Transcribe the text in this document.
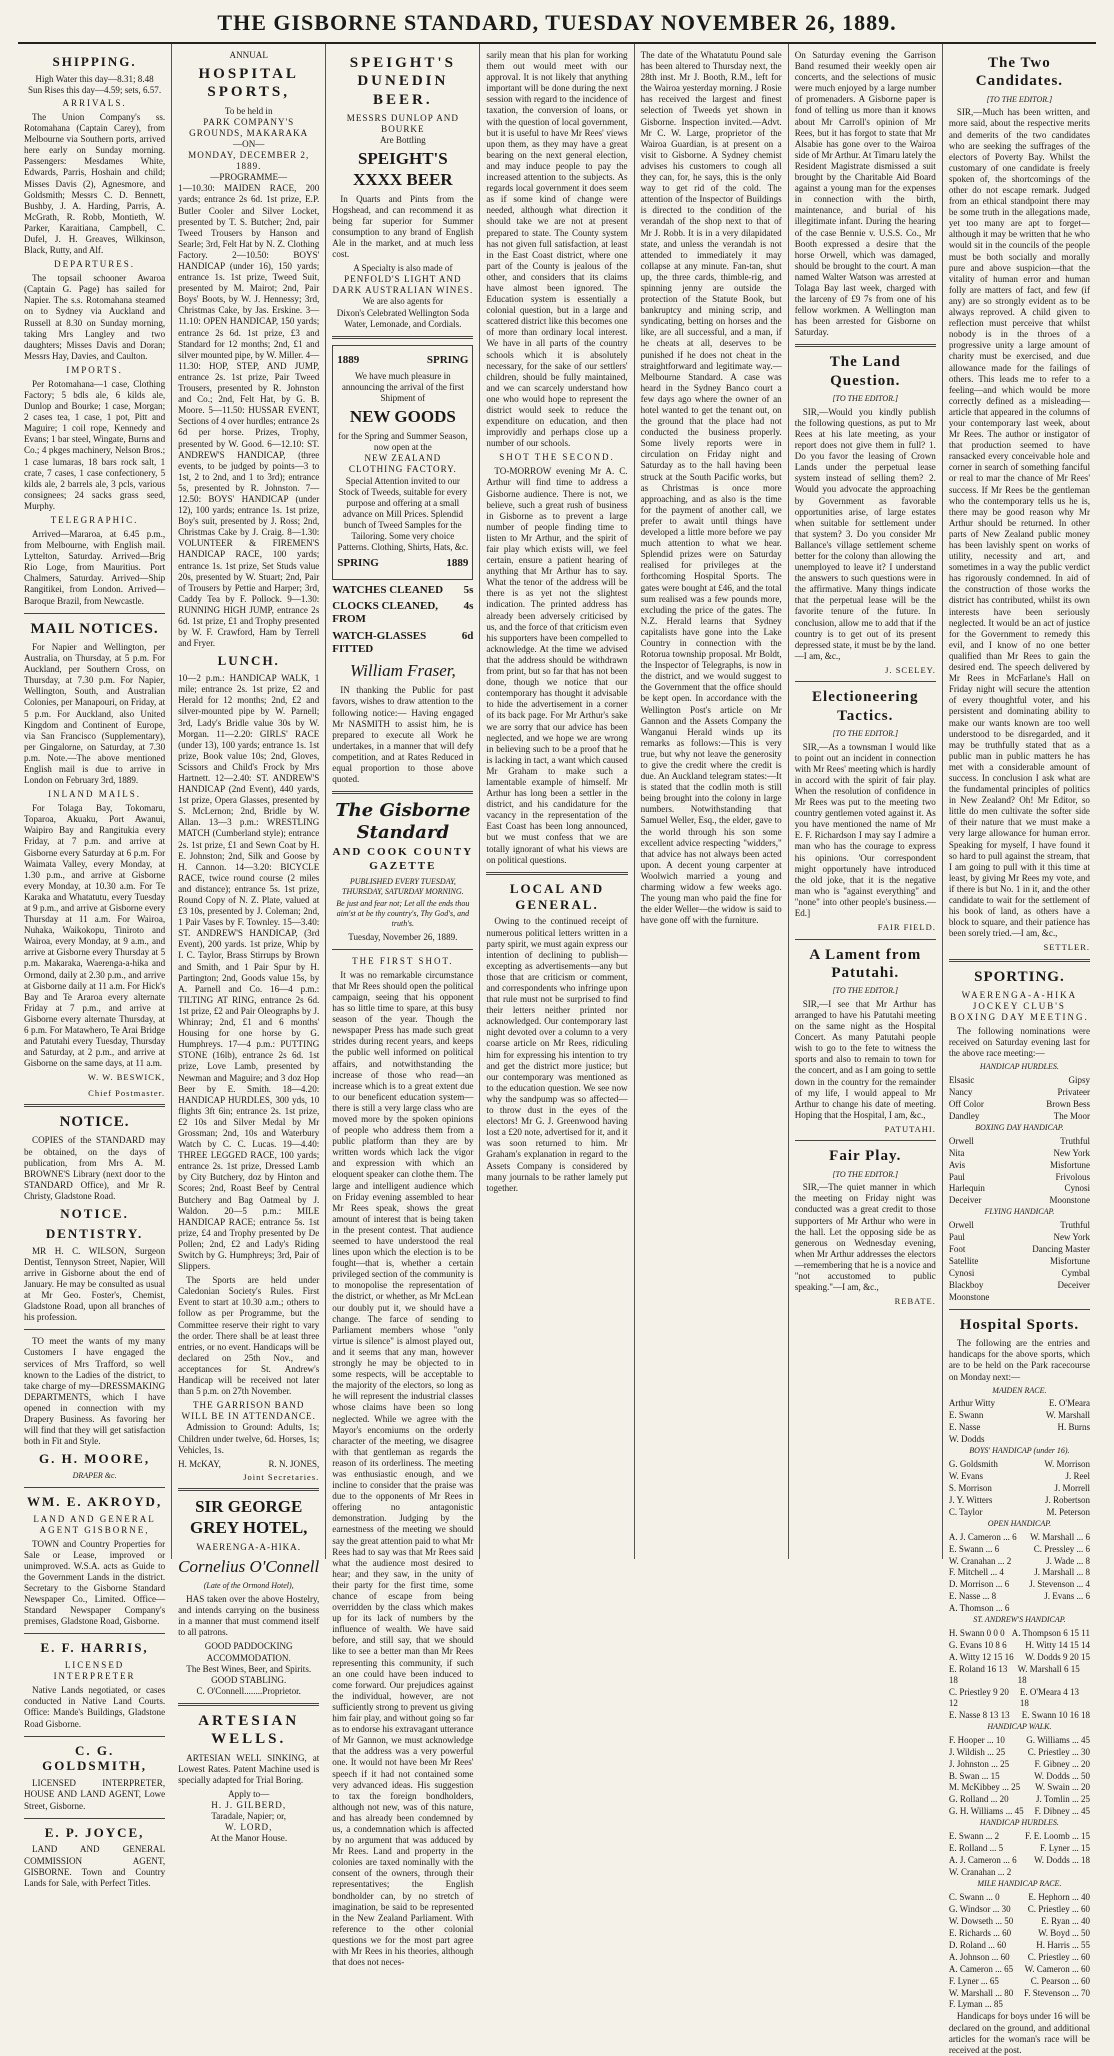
THE GISBORNE STANDARD, TUESDAY NOVEMBER 26, 1889.
SHIPPING.
High Water this day—8.31; 8.48
Sun Rises this day—4.59; sets, 6.57.
ARRIVALS.

The Union Company's ss. Rotomahana (Captain Carey), from Melbourne via Southern ports, arrived here early on Sunday morning. Passengers: Mesdames White, Edwards, Parris, Hoshain and child; Misses Davis (2), Agnesmore, and Goldsmith; Messrs C. D. Bennett, Bushby, J. A. Harding, Parris, A. McGrath, R. Robb, Montieth, W. Parker, Karaitiana, Campbell, C. Dufel, J. H. Greaves, Wilkinson, Black, Rutty, and Alf.

DEPARTURES.

The topsail schooner Awaroa (Captain G. Page) has sailed for Napier. The s.s. Rotomahana steamed on to Sydney via Auckland and Russell at 8.30 on Sunday morning, taking Mrs Langley and two daughters; Misses Davis and Doran; Messrs Hay, Davies, and Caulton.

IMPORTS.

Per Rotomahana—1 case, Clothing Factory; 5 bdls ale, 6 kilds ale, Dunlop and Bourke; 1 case, Morgan; 2 cases tea, 1 case, 1 pot, Pitt and Maguire; 1 coil rope, Kennedy and Evans; 1 bar steel, Wingate, Burns and Co.; 4 pkges machinery, Nelson Bros.; 1 case lumaras, 18 bars rock salt, 1 crate, 7 cases, 1 case confectionery, 5 kilds ale, 2 barrels ale, 3 pcls, various consignees; 24 sacks grass seed, Murphy.

TELEGRAPHIC.

Arrived—Mararoa, at 6.45 p.m., from Melbourne, with English mail. Lyttelton, Saturday. Arrived—Brig Rio Loge, from Mauritius. Port Chalmers, Saturday. Arrived—Ship Rangitikei, from London. Arrived—Baroque Brazil, from Newcastle.

MAIL NOTICES.

For Napier and Wellington, per Australia, on Thursday, at 5 p.m. For Auckland, per Southern Cross, on Thursday, at 7.30 p.m. For Napier, Wellington, South, and Australian Colonies, per Manapouri, on Friday, at 5 p.m. For Auckland, also United Kingdom and Continent of Europe, via San Francisco (Supplementary), per Gingalorne, on Saturday, at 7.30 p.m. Note.—The above mentioned English mail is due to arrive in London on February 3rd, 1889.

INLAND MAILS.

For Tolaga Bay, Tokomaru, Toparoa, Akuaku, Port Awanui, Waipiro Bay and Rangitukia every Friday, at 7 p.m. and arrive at Gisborne every Saturday at 6 p.m. For Waimata Valley, every Monday, at 1.30 p.m., and arrive at Gisborne every Monday, at 10.30 a.m. For Te Karaka and Whatatutu, every Tuesday at 9 p.m., and arrive at Gisborne every Thursday at 11 a.m. For Wairoa, Nuhaka, Waikokopu, Tiniroto and Wairoa, every Monday, at 9 a.m., and arrive at Gisborne every Thursday at 5 p.m. Makaraka, Waerenga-a-hika and Ormond, daily at 2.30 p.m., and arrive at Gisborne daily at 11 a.m. For Hick's Bay and Te Araroa every alternate Friday at 7 p.m., and arrive at Gisborne every alternate Thursday, at 6 p.m. For Matawhero, Te Arai Bridge and Patutahi every Tuesday, Thursday and Saturday, at 2 p.m., and arrive at Gisborne on the same days, at 11 a.m.

W. W. BESWICK,
Chief Postmaster.
NOTICE.

COPIES of the STANDARD may be obtained, on the days of publication, from Mrs A. M. BROWNE'S Library (next door to the STANDARD Office), and Mr R. Christy, Gladstone Road.

NOTICE.
DENTISTRY.

MR H. C. WILSON, Surgeon Dentist, Tennyson Street, Napier, Will arrive in Gisborne about the end of January. He may be consulted as usual at Mr Geo. Foster's, Chemist, Gladstone Road, upon all branches of his profession.

TO meet the wants of my many Customers I have engaged the services of Mrs Trafford, so well known to the Ladies of the district, to take charge of my—DRESSMAKING DEPARTMENTS, which I have opened in connection with my Drapery Business. As favoring her will find that they will get satisfaction both in Fit and Style.

G. H. MOORE,
DRAPER &c.
WM. E. AKROYD,
LAND AND GENERAL AGENT GISBORNE,

TOWN and Country Properties for Sale or Lease, improved or unimproved. W.S.A. acts as Guide to the Government Lands in the district. Secretary to the Gisborne Standard Newspaper Co., Limited. Office—Standard Newspaper Company's premises, Gladstone Road, Gisborne.

E. F. HARRIS,
LICENSED INTERPRETER

Native Lands negotiated, or cases conducted in Native Land Courts. Office: Mande's Buildings, Gladstone Road Gisborne.

C. G. GOLDSMITH,

LICENSED INTERPRETER, HOUSE AND LAND AGENT, Lowe Street, Gisborne.

E. P. JOYCE,

LAND AND GENERAL COMMISSION AGENT, GISBORNE. Town and Country Lands for Sale, with Perfect Titles.

ANNUAL
HOSPITAL SPORTS,
To be held in
PARK COMPANY'S GROUNDS, MAKARAKA
—ON—
MONDAY, DECEMBER 2, 1889.
—PROGRAMME—

1—10.30: MAIDEN RACE, 200 yards; entrance 2s 6d. 1st prize, E.P. Butler Cooler and Silver Locket, presented by T. S. Butcher; 2nd, pair Tweed Trousers by Hanson and Searle; 3rd, Felt Hat by N. Z. Clothing Factory. 2—10.50: BOYS' HANDICAP (under 16), 150 yards; entrance 1s. 1st prize, Tweed Suit, presented by M. Mairot; 2nd, Pair Boys' Boots, by W. J. Hennessy; 3rd, Christmas Cake, by Jas. Erskine. 3—11.10: OPEN HANDICAP, 150 yards; entrance 2s 6d. 1st prize, £3 and Standard for 12 months; 2nd, £1 and silver mounted pipe, by W. Miller. 4—11.30: HOP, STEP, AND JUMP, entrance 2s. 1st prize, Pair Tweed Trousers, presented by R. Johnston and Co.; 2nd, Felt Hat, by G. B. Moore. 5—11.50: HUSSAR EVENT, Sections of 4 over hurdles; entrance 2s 6d per horse. Prizes, Trophy, presented by W. Good. 6—12.10: ST. ANDREW'S HANDICAP, (three events, to be judged by points—3 to 1st, 2 to 2nd, and 1 to 3rd); entrance 5s, presented by R. Johnston. 7—12.50: BOYS' HANDICAP (under 12), 100 yards; entrance 1s. 1st prize, Boy's suit, presented by J. Ross; 2nd, Christmas Cake by J. Craig. 8—1.30: VOLUNTEER & FIREMEN'S HANDICAP RACE, 100 yards; entrance 1s. 1st prize, Set Studs value 20s, presented by W. Stuart; 2nd, Pair of Trousers by Pettie and Harper; 3rd, Caddy Tea by F. Pollock. 9—1.30: RUNNING HIGH JUMP, entrance 2s 6d. 1st prize, £1 and Trophy presented by W. F. Crawford, Ham by Terrell and Fryer.

LUNCH.

10—2 p.m.: HANDICAP WALK, 1 mile; entrance 2s. 1st prize, £2 and Herald for 12 months; 2nd, £2 and silver-mounted pipe by W. Parnell; 3rd, Lady's Bridle value 30s by W. Morgan. 11—2.20: GIRLS' RACE (under 13), 100 yards; entrance 1s. 1st prize, Book value 10s; 2nd, Gloves, Scissors and Child's Frock by Mrs Hartnett. 12—2.40: ST. ANDREW'S HANDICAP (2nd Event), 440 yards, 1st prize, Opera Glasses, presented by S. McLernon; 2nd, Bridle by W. Allan. 13—3 p.m.: WRESTLING MATCH (Cumberland style); entrance 2s. 1st prize, £1 and Sewn Coat by H. E. Johnston; 2nd, Silk and Goose by H. Cannon. 14—3.20: BICYCLE RACE, twice round course (2 miles and distance); entrance 5s. 1st prize, Round Copy of N. Z. Plate, valued at £3 10s, presented by J. Coleman; 2nd, 1 Pair Vases by F. Townley. 15—3.40: ST. ANDREW'S HANDICAP, (3rd Event), 200 yards. 1st prize, Whip by I. C. Taylor, Brass Stirrups by Brown and Smith, and 1 Pair Spur by H. Partington; 2nd, Goods value 15s, by A. Parnell and Co. 16—4 p.m.: TILTING AT RING, entrance 2s 6d. 1st prize, £2 and Pair Oleographs by J. Whinray; 2nd, £1 and 6 months' Housing for one horse by G. Humphreys. 17—4 p.m.: PUTTING STONE (16lb), entrance 2s 6d. 1st prize, Love Lamb, presented by Newman and Maguire; and 3 doz Hop Beer by E. Smith. 18—4.20: HANDICAP HURDLES, 300 yds, 10 flights 3ft 6in; entrance 2s. 1st prize, £2 10s and Silver Medal by Mr Grossman; 2nd, 10s and Waterbury Watch by C. C. Lucas. 19—4.40: THREE LEGGED RACE, 100 yards; entrance 2s. 1st prize, Dressed Lamb by City Butchery, doz by Hinton and Scores; 2nd, Roast Beef by Central Butchery and Bag Oatmeal by J. Waldon. 20—5 p.m.: MILE HANDICAP RACE; entrance 5s. 1st prize, £4 and Trophy presented by De Pollen; 2nd, £2 and Lady's Riding Switch by G. Humphreys; 3rd, Pair of Slippers.

The Sports are held under Caledonian Society's Rules. First Event to start at 10.30 a.m.; others to follow as per Programme, but the Committee reserve their right to vary the order. There shall be at least three entries, or no event. Handicaps will be declared on 25th Nov., and acceptances for St. Andrew's Handicap will be received not later than 5 p.m. on 27th November.

THE GARRISON BAND WILL BE IN ATTENDANCE.

Admission to Ground: Adults, 1s; Children under twelve, 6d. Horses, 1s; Vehicles, 1s.

H. McKAY,	R. N. JONES,
Joint Secretaries.
SIR GEORGE GREY HOTEL,
WAERENGA-A-HIKA.
Cornelius O'Connell
(Late of the Ormond Hotel),

HAS taken over the above Hostelry, and intends carrying on the business in a manner that must commend itself to all patrons.

GOOD PADDOCKING ACCOMMODATION.
The Best Wines, Beer, and Spirits.
GOOD STABLING.
C. O'Connell........Proprietor.
ARTESIAN WELLS.

ARTESIAN WELL SINKING, at Lowest Rates. Patent Machine used is specially adapted for Trial Boring.

Apply to—
H. J. GILBERD,
Taradale, Napier; or,
W. LORD,
At the Manor House.
SPEIGHT'S DUNEDIN BEER.
MESSRS DUNLOP AND BOURKE
Are Bottling
SPEIGHT'S XXXX BEER

In Quarts and Pints from the Hogshead, and can recommend it as being far superior for Summer consumption to any brand of English Ale in the market, and at much less cost.

A Specialty is also made of
PENFOLD'S LIGHT AND DARK AUSTRALIAN WINES.
We are also agents for
Dixon's Celebrated Wellington Soda Water, Lemonade, and Cordials.
1889	SPRING
We have much pleasure in announcing the arrival of the first Shipment of
NEW GOODS
for the Spring and Summer Season, now open at the
NEW ZEALAND CLOTHING FACTORY.
Special Attention invited to our Stock of Tweeds, suitable for every purpose and offering at a small advance on Mill Prices. Splendid bunch of Tweed Samples for the Tailoring. Some very choice Patterns. Clothing, Shirts, Hats, &c.
SPRING	1889
WATCHES CLEANED 5s
CLOCKS CLEANED, FROM
4s
WATCH-GLASSES FITTED
6d
William Fraser,

IN thanking the Public for past favors, wishes to draw attention to the following notice:— Having engaged Mr NASMITH to assist him, he is prepared to execute all Work he undertakes, in a manner that will defy competition, and at Rates Reduced in equal proportion to those above quoted.

The Gisborne Standard
AND COOK COUNTY GAZETTE
PUBLISHED EVERY TUESDAY, THURSDAY, SATURDAY MORNING.
Be just and fear not; Let all the ends thou aim'st at be thy country's, Thy God's, and truth's.
Tuesday, November 26, 1889.
THE FIRST SHOT.

It was no remarkable circumstance that Mr Rees should open the political campaign, seeing that his opponent has so little time to spare, at this busy season of the year. Though the newspaper Press has made such great strides during recent years, and keeps the public well informed on political affairs, and notwithstanding the increase of those who read—an increase which is to a great extent due to our beneficent education system—there is still a very large class who are moved more by the spoken opinions of people who address them from a public platform than they are by written words which lack the vigor and expression with which an eloquent speaker can clothe them. The large and intelligent audience which on Friday evening assembled to hear Mr Rees speak, shows the great amount of interest that is being taken in the present contest. That audience seemed to have understood the real lines upon which the election is to be fought—that is, whether a certain privileged section of the community is to monopolise the representation of the district, or whether, as Mr McLean our doubly put it, we should have a change. The farce of sending to Parliament members whose "only virtue is silence" is almost played out, and it seems that any man, however strongly he may be objected to in some respects, will be acceptable to the majority of the electors, so long as he will represent the industrial classes whose claims have been so long neglected. While we agree with the Mayor's encomiums on the orderly character of the meeting, we disagree with that gentleman as regards the reason of its orderliness. The meeting was enthusiastic enough, and we incline to consider that the praise was due to the opponents of Mr Rees in offering no antagonistic demonstration. Judging by the earnestness of the meeting we should say the great attention paid to what Mr Rees had to say was that Mr Rees said what the audience most desired to hear; and they saw, in the unity of their party for the first time, some chance of escape from being overridden by the class which makes up for its lack of numbers by the influence of wealth. We have said before, and still say, that we should like to see a better man than Mr Rees representing this community, if such an one could have been induced to come forward. Our prejudices against the individual, however, are not sufficiently strong to prevent us giving him fair play, and without going so far as to endorse his extravagant utterance of Mr Gannon, we must acknowledge that the address was a very powerful one. It would not have been Mr Rees' speech if it had not contained some very advanced ideas. His suggestion to tax the foreign bondholders, although not new, was of this nature, and has already been condemned by us, a condemnation which is affected by no argument that was adduced by Mr Rees. Land and property in the colonies are taxed nominally with the consent of the owners, through their representatives; the English bondholder can, by no stretch of imagination, be said to be represented in the New Zealand Parliament. With reference to the other colonial questions we for the most part agree with Mr Rees in his theories, although that does not neces-

sarily mean that his plan for working them out would meet with our approval. It is not likely that anything important will be done during the next session with regard to the incidence of taxation, the conversion of loans, or with the question of local government, but it is useful to have Mr Rees' views upon them, as they may have a great bearing on the next general election, and may induce people to pay the increased attention to the subjects. As regards local government it does seem as if some kind of change were needed, although what direction it should take we are not at present prepared to state. The County system has not given full satisfaction, at least in the East Coast district, where one part of the County is jealous of the other, and considers that its claims have almost been ignored. The Education system is essentially a colonial question, but in a large and scattered district like this becomes one of more than ordinary local interest. We have in all parts of the country schools which it is absolutely necessary, for the sake of our settlers' children, should be fully maintained, and we can scarcely understand how one who would hope to represent the district would seek to reduce the expenditure on education, and then improvidly and perhaps close up a number of our schools.

SHOT THE SECOND.

TO-MORROW evening Mr A. C. Arthur will find time to address a Gisborne audience. There is not, we believe, such a great rush of business in Gisborne as to prevent a large number of people finding time to listen to Mr Arthur, and the spirit of fair play which exists will, we feel certain, ensure a patient hearing of anything that Mr Arthur has to say. What the tenor of the address will be there is as yet not the slightest indication. The printed address has already been adversely criticised by us, and the force of that criticism even his supporters have been compelled to acknowledge. At the time we advised that the address should be withdrawn from print, but so far that has not been done, though we notice that our contemporary has thought it advisable to hide the advertisement in a corner of its back page. For Mr Arthur's sake we are sorry that our advice has been neglected, and we hope we are wrong in believing such to be a proof that he is lacking in tact, a want which caused Mr Graham to make such a lamentable example of himself. Mr Arthur has long been a settler in the district, and his candidature for the vacancy in the representation of the East Coast has been long announced, but we must confess that we are totally ignorant of what his views are on political questions.

LOCAL AND GENERAL.

Owing to the continued receipt of numerous political letters written in a party spirit, we must again express our intention of declining to publish—excepting as advertisements—any but those that are criticism or comment, and correspondents who infringe upon that rule must not be surprised to find their letters neither printed nor acknowledged. Our contemporary last night devoted over a column to a very coarse article on Mr Rees, ridiculing him for expressing his intention to try and get the district more justice; but our contemporary was mentioned as to the education question. We see now why the sandpump was so affected—to throw dust in the eyes of the electors! Mr G. J. Greenwood having lost a £20 note, advertised for it, and it was soon returned to him. Mr Graham's explanation in regard to the Assets Company is considered by many journals to be rather lamely put together.

The date of the Whatatutu Pound sale has been altered to Thursday next, the 28th inst. Mr J. Booth, R.M., left for the Wairoa yesterday morning. J Rosie has received the largest and finest selection of Tweeds yet shown in Gisborne. Inspection invited.—Advt. Mr C. W. Large, proprietor of the Wairoa Guardian, is at present on a visit to Gisborne. A Sydney chemist advises his customers to cough all they can, for, he says, this is the only way to get rid of the cold. The attention of the Inspector of Buildings is directed to the condition of the verandah of the shop next to that of Mr J. Robb. It is in a very dilapidated state, and unless the verandah is not attended to immediately it may collapse at any minute. Fan-tan, shut up, the three cards, thimble-rig, and spinning jenny are outside the protection of the Statute Book, but bankruptcy and mining scrip, and syndicating, betting on horses and the like, are all successful, and a man, if he cheats at all, deserves to be punished if he does not cheat in the straightforward and legitimate way.—Melbourne Standard. A case was heard in the Sydney Banco court a few days ago where the owner of an hotel wanted to get the tenant out, on the ground that the place had not conducted the business properly. Some lively reports were in circulation on Friday night and Saturday as to the hall having been struck at the South Pacific works, but as Christmas is once more approaching, and as also is the time for the payment of another call, we prefer to await until things have developed a little more before we pay much attention to what we hear. Splendid prizes were on Saturday realised for privileges at the forthcoming Hospital Sports. The gates were bought at £46, and the total sum realised was a few pounds more, excluding the price of the gates. The N.Z. Herald learns that Sydney capitalists have gone into the Lake Country in connection with the Rotorua township proposal. Mr Boldt, the Inspector of Telegraphs, is now in the district, and we would suggest to the Government that the office should be kept open. In accordance with the Wellington Post's article on Mr Gannon and the Assets Company the Wanganui Herald winds up its remarks as follows:—This is very true, but why not leave the generosity to give the credit where the credit is due. An Auckland telegram states:—It is stated that the codlin moth is still being brought into the colony in large numbers. Notwithstanding that Samuel Weller, Esq., the elder, gave to the world through his son some excellent advice respecting "widders," that advice has not always been acted upon. A decent young carpenter at Woolwich married a young and charming widow a few weeks ago. The young man who paid the fine for the elder Weller—the widow is said to have gone off with the furniture.

On Saturday evening the Garrison Band resumed their weekly open air concerts, and the selections of music were much enjoyed by a large number of promenaders. A Gisborne paper is fond of telling us more than it knows about Mr Carroll's opinion of Mr Rees, but it has forgot to state that Mr Alsabie has gone over to the Wairoa side of Mr Arthur. At Timaru lately the Resident Magistrate dismissed a suit brought by the Charitable Aid Board against a young man for the expenses in connection with the birth, maintenance, and burial of his illegitimate infant. During the hearing of the case Bennie v. U.S.S. Co., Mr Booth expressed a desire that the horse Orwell, which was damaged, should be brought to the court. A man named Walter Watson was arrested at Tolaga Bay last week, charged with the larceny of £9 7s from one of his fellow workmen. A Wellington man has been arrested for Gisborne on Saturday.

The Land Question.
[TO THE EDITOR.]

SIR,—Would you kindly publish the following questions, as put to Mr Rees at his late meeting, as your report does not give them in full? 1. Do you favor the leasing of Crown Lands under the perpetual lease system instead of selling them? 2. Would you advocate the approaching by Government as favorable opportunities arise, of large estates when suitable for settlement under that system? 3. Do you consider Mr Ballance's village settlement scheme better for the colony than allowing the unemployed to leave it? I understand the answers to such questions were in the affirmative. Many things indicate that the perpetual lease will be the favorite tenure of the future. In conclusion, allow me to add that if the country is to get out of its present depressed state, it must be by the land.—I am, &c.,

J. SCELEY.
Electioneering Tactics.
[TO THE EDITOR.]

SIR,—As a townsman I would like to point out an incident in connection with Mr Rees' meeting which is hardly in accord with the spirit of fair play. When the resolution of confidence in Mr Rees was put to the meeting two country gentlemen voted against it. As you have mentioned the name of Mr E. F. Richardson I may say I admire a man who has the courage to express his opinions. 'Our correspondent might opportunely have introduced the old joke, that it is the negative man who is "against everything" and "none" into other people's business.—Ed.]

FAIR FIELD.
A Lament from Patutahi.
[TO THE EDITOR.]

SIR,—I see that Mr Arthur has arranged to have his Patutahi meeting on the same night as the Hospital Concert. As many Patutahi people wish to go to the fete to witness the sports and also to remain to town for the concert, and as I am going to settle down in the country for the remainder of my life, I would appeal to Mr Arthur to change his date of meeting. Hoping that the Hospital, I am, &c.,

PATUTAHI.
Fair Play.
[TO THE EDITOR.]

SIR,—The quiet manner in which the meeting on Friday night was conducted was a great credit to those supporters of Mr Arthur who were in the hall. Let the opposing side be as generous on Wednesday evening, when Mr Arthur addresses the electors—remembering that he is a novice and "not accustomed to public speaking."—I am, &c.,

REBATE.
The Two Candidates.
[TO THE EDITOR.]

SIR,—Much has been written, and more said, about the respective merits and demerits of the two candidates who are seeking the suffrages of the electors of Poverty Bay. Whilst the customary of one candidate is freely spoken of, the shortcomings of the other do not escape remark. Judged from an ethical standpoint there may be some truth in the allegations made, yet too many are apt to forget—although it may be written that he who would sit in the councils of the people must be both socially and morally pure and above suspicion—that the vitality of human error and human folly are matters of fact, and few (if any) are so strongly evident as to be always reproved. A child given to reflection must perceive that whilst nobody is in the throes of a progressive unity a large amount of charity must be exercised, and due allowance made for the failings of others. This leads me to refer to a feeling—and which would be more correctly defined as a misleading—article that appeared in the columns of your contemporary last week, about Mr Rees. The author or instigator of that production seemed to have ransacked every conceivable hole and corner in search of something fanciful or real to mar the chance of Mr Rees' success. If Mr Rees be the gentleman who the contemporary tells us he is, there may be good reason why Mr Arthur should be returned. In other parts of New Zealand public money has been lavishly spent on works of utility, necessity and art, and sometimes in a way the public verdict has rigorously condemned. In aid of the construction of those works the district has contributed, whilst its own interests have been seriously neglected. It would be an act of justice for the Government to remedy this evil, and I know of no one better qualified than Mr Rees to gain the desired end. The speech delivered by Mr Rees in McFarlane's Hall on Friday night will secure the attention of every thoughtful voter, and his persistent and dominating ability to make our wants known are too well understood to be disregarded, and it may be truthfully stated that as a public man in public matters he has met with a considerable amount of success. In conclusion I ask what are the fundamental principles of politics in New Zealand? Oh! Mr Editor, so little do men cultivate the softer side of their nature that we must make a very large allowance for human error. Speaking for myself, I have found it so hard to pull against the stream, that I am going to pull with it this time at least, by giving Mr Rees my vote, and if there is but No. 1 in it, and the other candidate to wait for the settlement of his book of land, as others have a block to square, and their patience has been sorely tried.—I am, &c.,

SETTLER.
SPORTING.
WAERENGA-A-HIKA JOCKEY CLUB'S BOXING DAY MEETING.

The following nominations were received on Saturday evening last for the above race meeting:—

HANDICAP HURDLES.
Elsasic	Gipsy
Nancy	Privateer
Off Color	Brown Bess
Dandley	The Moor
BOXING DAY HANDICAP.
Orwell	Truthful
Nita	New York
Avis	Misfortune
Paul	Frivolous
Harlequin	Cynosi
Deceiver	Moonstone
FLYING HANDICAP.
Orwell	Truthful
Paul	New York
Foot	Dancing Master
Satellite	Misfortune
Cynosi	Cymbal
Blackboy	Deceiver
Moonstone
Hospital Sports.

The following are the entries and handicaps for the above sports, which are to be held on the Park racecourse on Monday next:—

MAIDEN RACE.
Arthur Witty	E. O'Meara
E. Swann	W. Marshall
E. Nasse	H. Burns
W. Dodds
BOYS' HANDICAP (under 16).
G. Goldsmith	W. Morrison
W. Evans	J. Reel
S. Morrison	J. Morrell
J. Y. Witters	J. Robertson
C. Taylor	M. Peterson
OPEN HANDICAP.
A. J. Cameron ... 6 W. Marshall ... 6
E. Swann ... 6	C. Pressley ... 6
W. Cranahan ... 2	J. Wade ... 8
F. Mitchell ... 4	J. Marshall ... 8
D. Morrison ... 6 J. Stevenson ... 4
E. Nasse ... 8	J. Evans ... 6
A. Thomson ... 6
ST. ANDREW'S HANDICAP.
H. Swann 0 0 0 A. Thompson 6 15 11
G. Evans 10 8 6 H. Witty 14 15 14
A. Witty 12 15 16 W. Dodds 9 20 15
E. Roland 16 13 18
W. Marshall 6 15 18
C. Priestley 9 20 12
E. O'Meara 4 13 18
E. Nasse 8 13 13 E. Swann 10 16 18
HANDICAP WALK.
F. Hooper ... 10 G. Williams ... 45
J. Wildish ... 25	C. Priestley ... 30
J. Johnston ... 25	F. Gibney ... 20
B. Swan ... 15	W. Dodds ... 50
M. McKibbey ... 25 W. Swain ... 20
G. Rolland ... 20	J. Tomlin ... 25
G. H. Williams ... 45 F. Dibney ... 45
HANDICAP HURDLES.
E. Swann ... 2	F. E. Loomb ... 15
E. Rolland ... 5	F. Lyner ... 15
A. J. Cameron ... 6 W. Dodds ... 18
W. Cranahan ... 2
MILE HANDICAP RACE.
C. Swann ... 0	E. Hephorn ... 40
G. Windsor ... 30 C. Priestley ... 60
W. Dowseth ... 50	E. Ryan ... 40
E. Richards ... 60	W. Boyd ... 50
D. Roland ... 60	H. Harris ... 55
A. Johnson ... 60 C. Priestley ... 60
A. Cameron ... 65 W. Cameron ... 60
F. Lyner ... 65	C. Pearson ... 60
W. Marshall ... 80 F. Stevenson ... 70
F. Lyman ... 85

Handicaps for boys under 16 will be declared on the ground, and additional articles for the woman's race will be received at the post.
